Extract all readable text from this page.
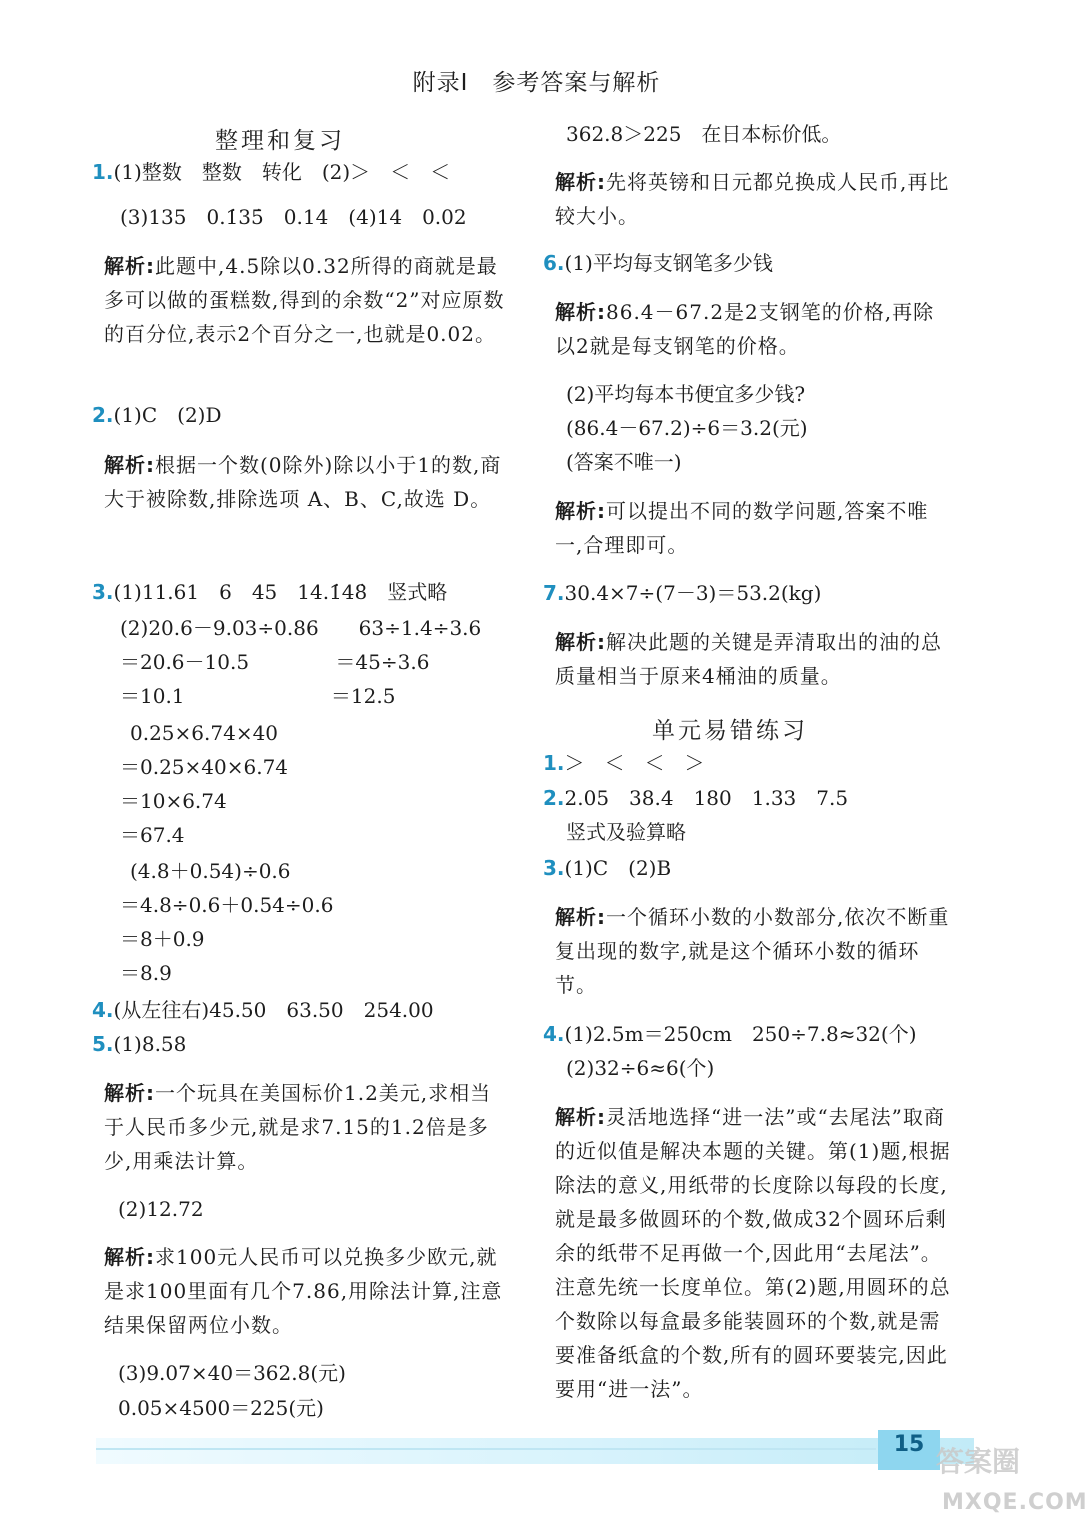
附录Ⅰ　参考答案与解析
整理和复习
1.(1)整数　整数　转化　(2)＞　＜　＜
(3)135　0.1̇35̇　0.14　(4)14　0.02
解析:此题中,4.5除以0.32所得的商就是最多可以做的蛋糕数,得到的余数“2”对应原数的百分位,表示2个百分之一,也就是0.02。
2.(1)C　(2)D
解析:根据一个数(0除外)除以小于1的数,商大于被除数,排除选项 A、B、C,故选 D。
3.(1)11.61　6　45　14.1̇48̇　竖式略
(2)20.6－9.03÷0.86　　63÷1.4÷3.6
＝20.6－10.5　　　　 ＝45÷3.6
＝10.1　　　　　　　 ＝12.5
0.25×6.74×40
＝0.25×40×6.74
＝10×6.74
＝67.4
(4.8＋0.54)÷0.6
＝4.8÷0.6＋0.54÷0.6
＝8＋0.9
＝8.9
4.(从左往右)45.50　63.50　254.00
5.(1)8.58
解析:一个玩具在美国标价1.2美元,求相当于人民币多少元,就是求7.15的1.2倍是多少,用乘法计算。
(2)12.72
解析:求100元人民币可以兑换多少欧元,就是求100里面有几个7.86,用除法计算,注意结果保留两位小数。
(3)9.07×40＝362.8(元)
0.05×4500＝225(元)
362.8＞225　在日本标价低。
解析:先将英镑和日元都兑换成人民币,再比较大小。
6.(1)平均每支钢笔多少钱
解析:86.4－67.2是2支钢笔的价格,再除以2就是每支钢笔的价格。
(2)平均每本书便宜多少钱?
(86.4－67.2)÷6＝3.2(元)
(答案不唯一)
解析:可以提出不同的数学问题,答案不唯一,合理即可。
7.30.4×7÷(7－3)＝53.2(kg)
解析:解决此题的关键是弄清取出的油的总质量相当于原来4桶油的质量。
单元易错练习
1.＞　＜　＜　＞
2.2.05　38.4　180　1.33　7.5
竖式及验算略
3.(1)C　(2)B
解析:一个循环小数的小数部分,依次不断重复出现的数字,就是这个循环小数的循环节。
4.(1)2.5m＝250cm　250÷7.8≈32(个)
(2)32÷6≈6(个)
解析:灵活地选择“进一法”或“去尾法”取商的近似值是解决本题的关键。第(1)题,根据除法的意义,用纸带的长度除以每段的长度,就是最多做圆环的个数,做成32个圆环后剩余的纸带不足再做一个,因此用“去尾法”。注意先统一长度单位。第(2)题,用圆环的总个数除以每盒最多能装圆环的个数,就是需要准备纸盒的个数,所有的圆环要装完,因此要用“进一法”。
15
答案圈
MXQE.COM
